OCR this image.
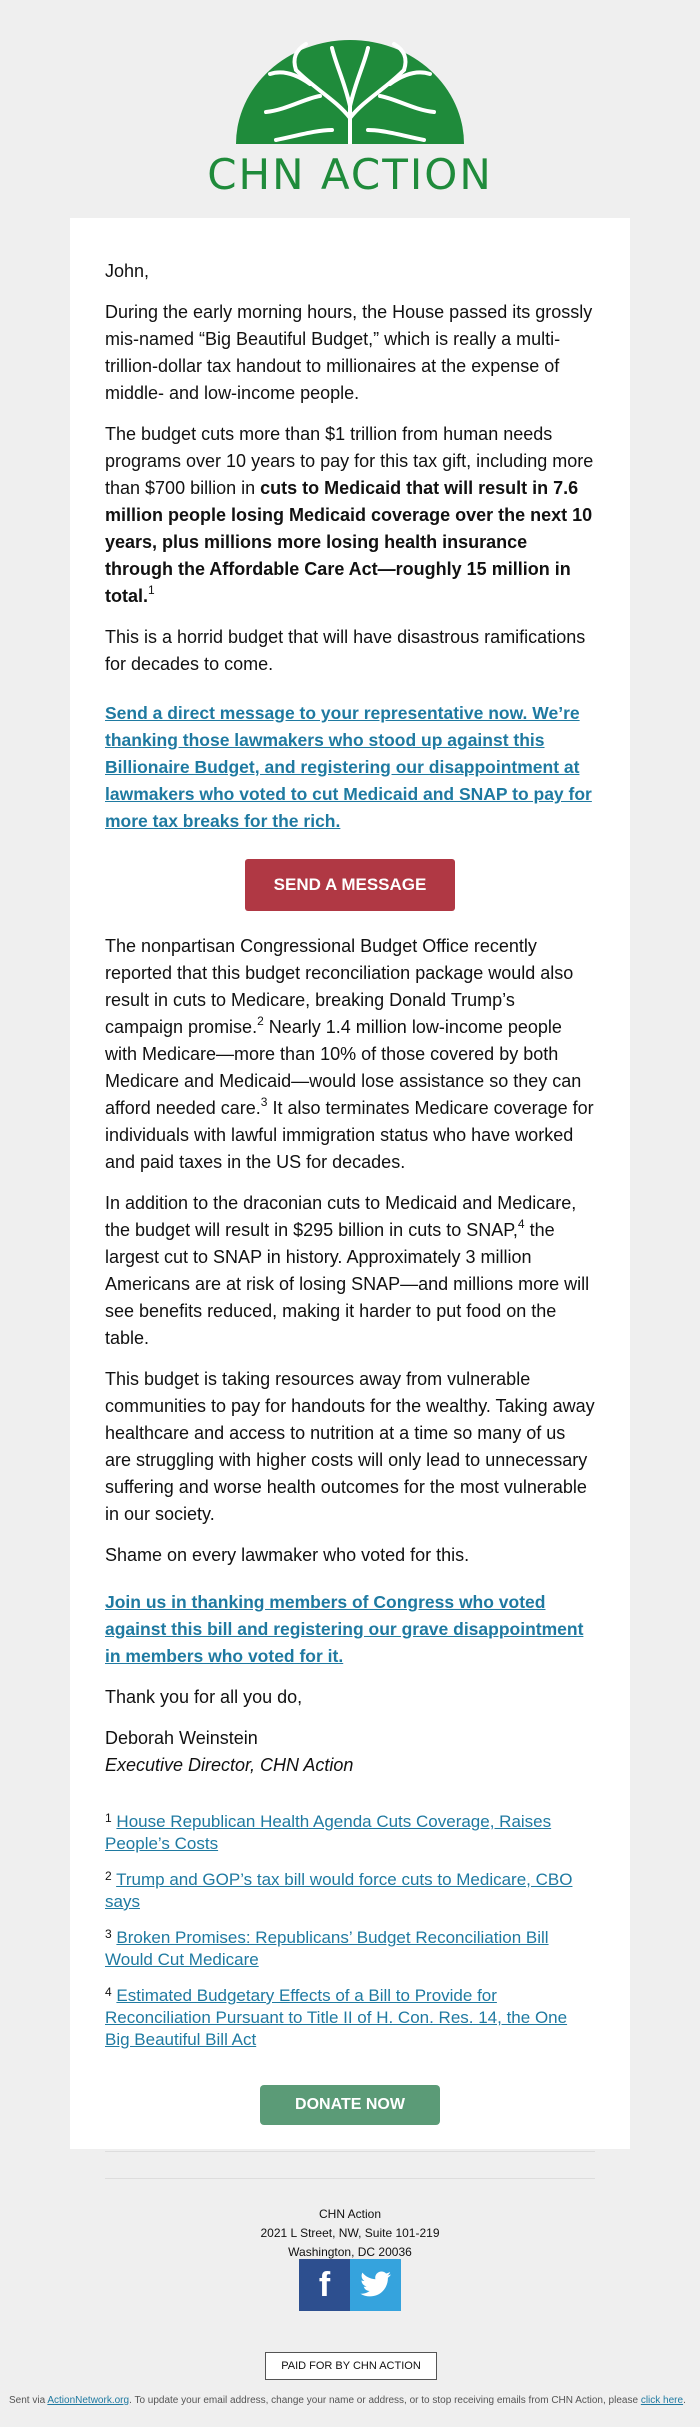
CHN ACTION

John,

During the early morning hours, the House passed its grossly mis-named “Big Beautiful Budget,” which is really a multi-trillion-dollar tax handout to millionaires at the expense of middle- and low-income people.

The budget cuts more than $1 trillion from human needs programs over 10 years to pay for this tax gift, including more than $700 billion in cuts to Medicaid that will result in 7.6 million people losing Medicaid coverage over the next 10 years, plus millions more losing health insurance through the Affordable Care Act—roughly 15 million in total.$^1$

This is a horrid budget that will have disastrous ramifications for decades to come.

Send a direct message to your representative now. We’re thanking those lawmakers who stood up against this Billionaire Budget, and registering our disappointment at lawmakers who voted to cut Medicaid and SNAP to pay for more tax breaks for the rich.

SEND A MESSAGE

The nonpartisan Congressional Budget Office recently reported that this budget reconciliation package would also result in cuts to Medicare, breaking Donald Trump’s campaign promise.$^2$ Nearly 1.4 million low-income people with Medicare—more than 10% of those covered by both Medicare and Medicaid—would lose assistance so they can afford needed care.$^3$ It also terminates Medicare coverage for individuals with lawful immigration status who have worked and paid taxes in the US for decades.

In addition to the draconian cuts to Medicaid and Medicare, the budget will result in $295 billion in cuts to SNAP,$^4$ the largest cut to SNAP in history. Approximately 3 million Americans are at risk of losing SNAP—and millions more will see benefits reduced, making it harder to put food on the table.

This budget is taking resources away from vulnerable communities to pay for handouts for the wealthy. Taking away healthcare and access to nutrition at a time so many of us are struggling with higher costs will only lead to unnecessary suffering and worse health outcomes for the most vulnerable in our society.

Shame on every lawmaker who voted for this.

Join us in thanking members of Congress who voted against this bill and registering our grave disappointment in members who voted for it.

Thank you for all you do,

Deborah Weinstein
Executive Director, CHN Action

$^1$ House Republican Health Agenda Cuts Coverage, Raises People’s Costs

$^2$ Trump and GOP’s tax bill would force cuts to Medicare, CBO says

$^3$ Broken Promises: Republicans’ Budget Reconciliation Bill Would Cut Medicare

$^4$ Estimated Budgetary Effects of a Bill to Provide for Reconciliation Pursuant to Title II of H. Con. Res. 14, the One Big Beautiful Bill Act

DONATE NOW
CHN Action
2021 L Street, NW, Suite 101-219
Washington, DC 20036
f
PAID FOR BY CHN ACTION
Sent via ActionNetwork.org. To update your email address, change your name or address, or to stop receiving emails from CHN Action, please click here.
